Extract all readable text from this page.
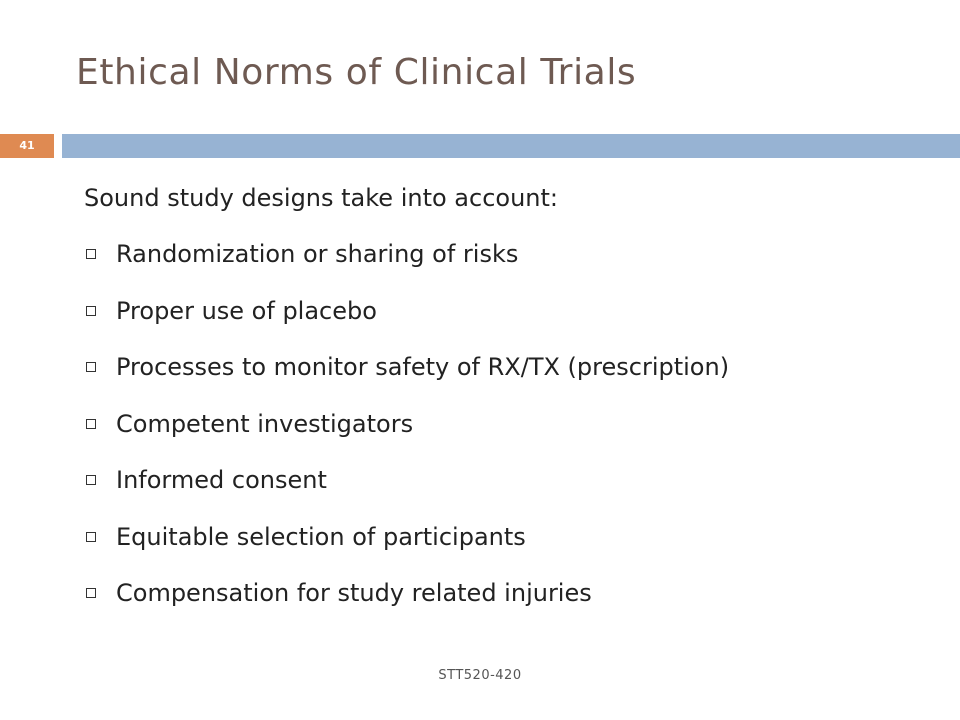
Ethical Norms of Clinical Trials
41
Sound study designs take into account:
Randomization or sharing of risks
Proper use of placebo
Processes to monitor safety of RX/TX (prescription)
Competent investigators
Informed consent
Equitable selection of participants
Compensation for study related injuries
STT520-420
